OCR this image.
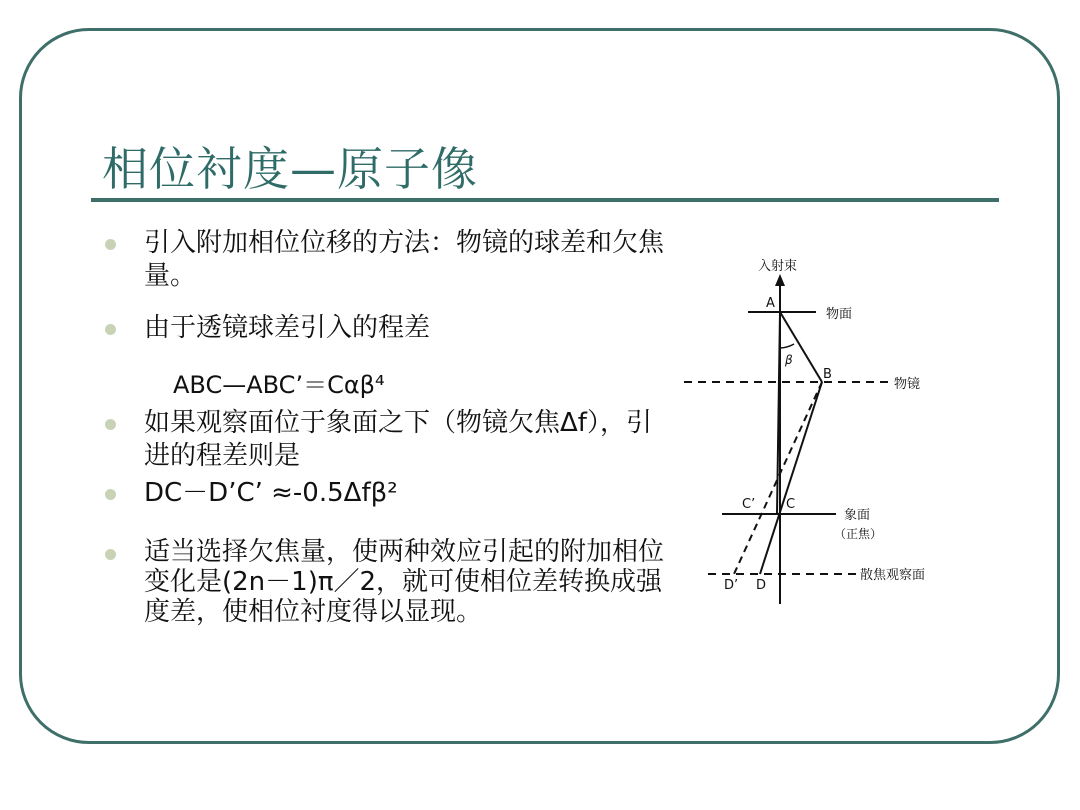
相位衬度—原子像
引入附加相位位移的方法：物镜的球差和欠焦量。
由于透镜球差引入的程差
ABC—ABC’＝Cαβ⁴
如果观察面位于象面之下（物镜欠焦Δf），引进的程差则是
DC－D’C’ ≈-0.5Δfβ²
适当选择欠焦量，使两种效应引起的附加相位变化是(2n－1)π／2，就可使相位差转换成强度差，使相位衬度得以显现。
入射束
物面
A
物镜
B
β
象面
（正焦）
C’ C
散焦观察面
D’ D
